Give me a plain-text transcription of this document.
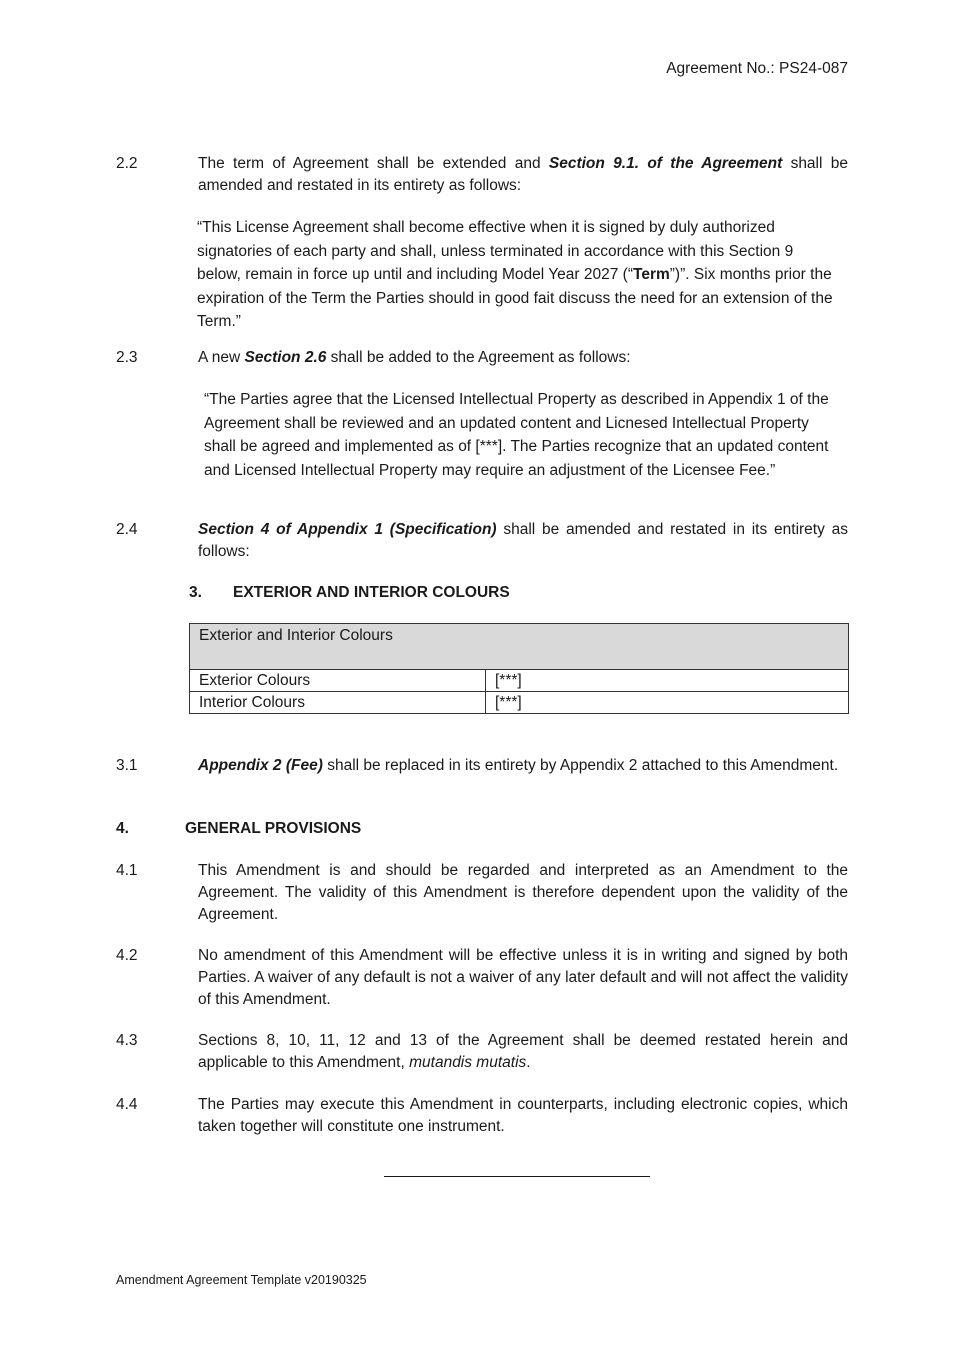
Agreement No.: PS24-087
2.2	The term of Agreement shall be extended and Section 9.1. of the Agreement shall be amended and restated in its entirety as follows:
“This License Agreement shall become effective when it is signed by duly authorized signatories of each party and shall, unless terminated in accordance with this Section 9 below, remain in force up until and including Model Year 2027 (“Term”)”. Six months prior the expiration of the Term the Parties should in good fait discuss the need for an extension of the Term.”
2.3	A new Section 2.6 shall be added to the Agreement as follows:
“The Parties agree that the Licensed Intellectual Property as described in Appendix 1 of the Agreement shall be reviewed and an updated content and Licnesed Intellectual Property shall be agreed and implemented as of [***]. The Parties recognize that an updated content and Licensed Intellectual Property may require an adjustment of the Licensee Fee.”
2.4	Section 4 of Appendix 1 (Specification) shall be amended and restated in its entirety as follows:
3. EXTERIOR AND INTERIOR COLOURS
Exterior and Interior Colours	
Exterior Colours	[***]
Interior Colours	[***]
3.1	Appendix 2 (Fee) shall be replaced in its entirety by Appendix 2 attached to this Amendment.
4.	GENERAL PROVISIONS
4.1	This Amendment is and should be regarded and interpreted as an Amendment to the Agreement. The validity of this Amendment is therefore dependent upon the validity of the Agreement.
4.2	No amendment of this Amendment will be effective unless it is in writing and signed by both Parties. A waiver of any default is not a waiver of any later default and will not affect the validity of this Amendment.
4.3	Sections 8, 10, 11, 12 and 13 of the Agreement shall be deemed restated herein and applicable to this Amendment, mutandis mutatis.
4.4	The Parties may execute this Amendment in counterparts, including electronic copies, which taken together will constitute one instrument.
Amendment Agreement Template v20190325
